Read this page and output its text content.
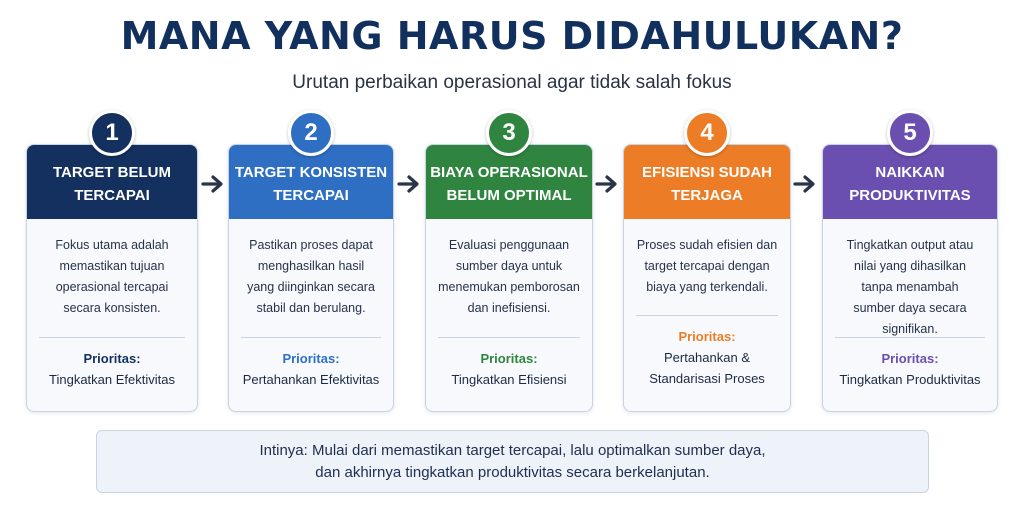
MANA YANG HARUS DIDAHULUKAN?
Urutan perbaikan operasional agar tidak salah fokus
1
TARGET BELUM
TERCAPAI
Fokus utama adalah
memastikan tujuan
operasional tercapai
secara konsisten.
Prioritas:
Tingkatkan Efektivitas
2
TARGET KONSISTEN
TERCAPAI
Pastikan proses dapat
menghasilkan hasil
yang diinginkan secara
stabil dan berulang.
Prioritas:
Pertahankan Efektivitas
3
BIAYA OPERASIONAL
BELUM OPTIMAL
Evaluasi penggunaan
sumber daya untuk
menemukan pemborosan
dan inefisiensi.
Prioritas:
Tingkatkan Efisiensi
4
EFISIENSI SUDAH
TERJAGA
Proses sudah efisien dan
target tercapai dengan
biaya yang terkendali.
Prioritas:
Pertahankan &
Standarisasi Proses
5
NAIKKAN
PRODUKTIVITAS
Tingkatkan output atau
nilai yang dihasilkan
tanpa menambah
sumber daya secara
signifikan.
Prioritas:
Tingkatkan Produktivitas
Intinya: Mulai dari memastikan target tercapai, lalu optimalkan sumber daya,
dan akhirnya tingkatkan produktivitas secara berkelanjutan.
